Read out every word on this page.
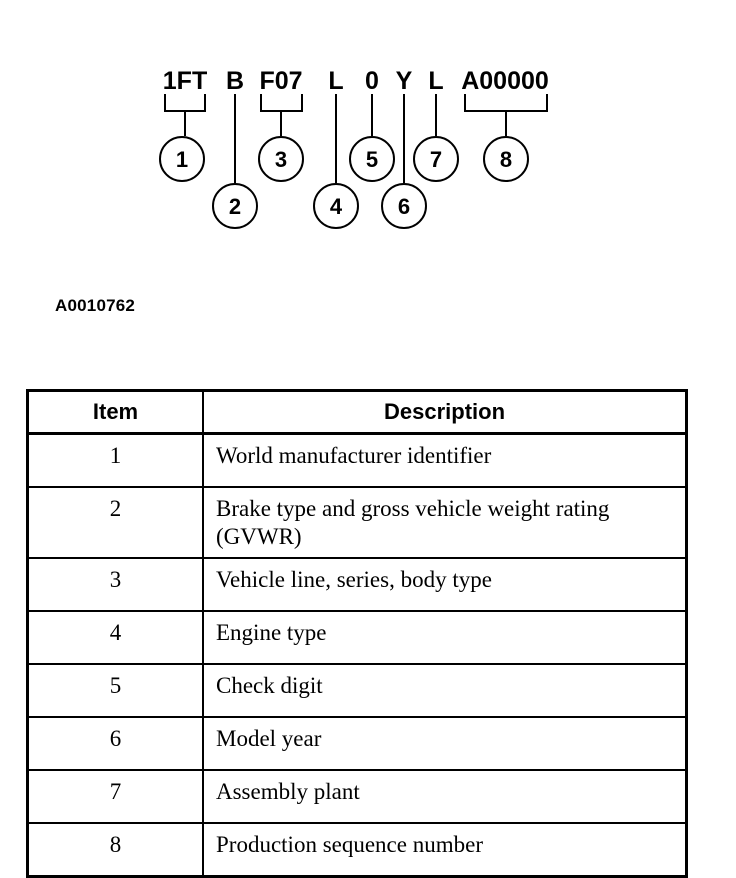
1FT B F07 L 0 Y L A00000
1
2
3
4
5
6
7	8
A0010762
Item	Description
1	World manufacturer identifier
2	Brake type and gross vehicle weight rating (GVWR)
3	Vehicle line, series, body type
4	Engine type
5	Check digit
6	Model year
7	Assembly plant
8	Production sequence number
